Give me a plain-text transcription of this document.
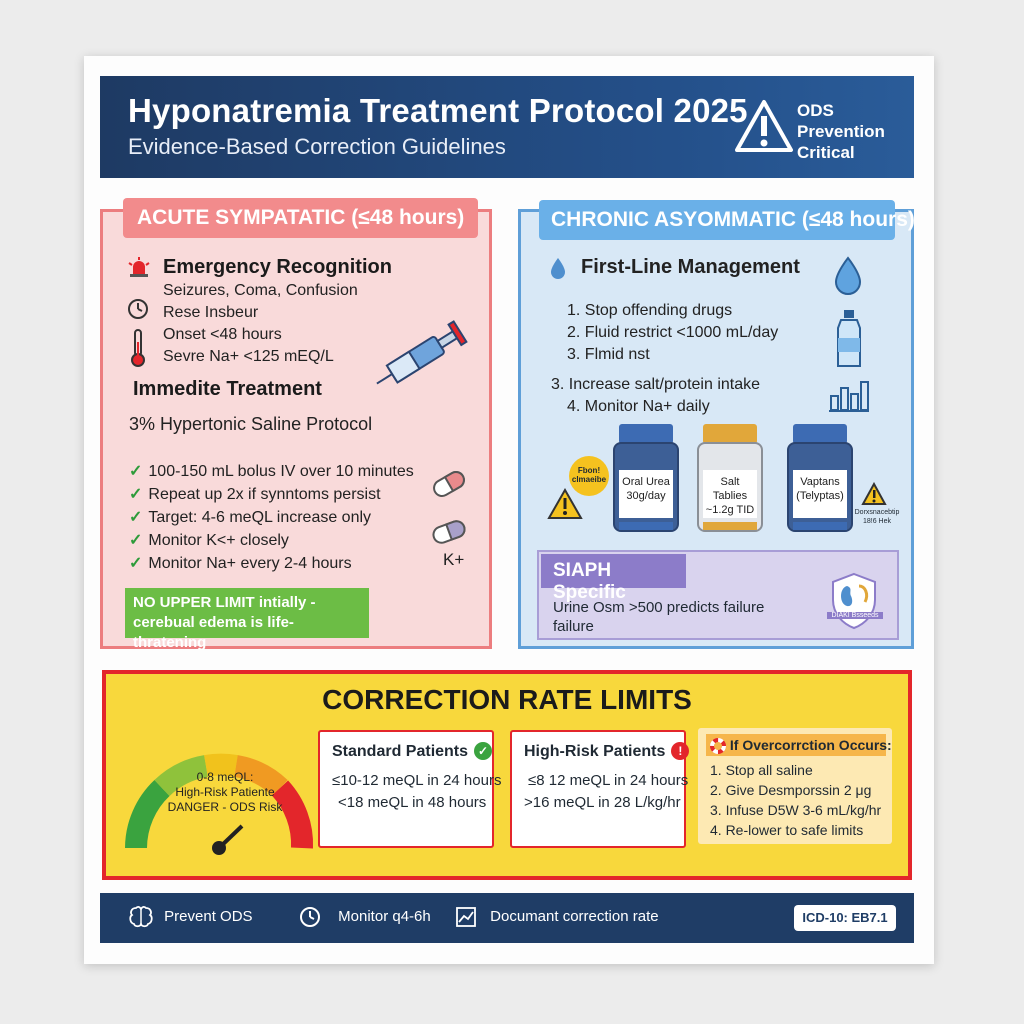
Hyponatremia Treatment Protocol 2025
Evidence-Based Correction Guidelines
ODS
Prevention
Critical
ACUTE SYMPATATIC (≤48 hours)
Emergency Recognition
Seizures, Coma, Confusion
Rese Insbeur
Onset <48 hours
Sevre Na+ <125 mEQ/L
Immedite Treatment
3% Hypertonic Saline Protocol
✓ 100-150 mL bolus IV over 10 minutes
✓ Repeat up 2x if synntoms persist
✓ Target: 4-6 meQL increase only
✓ Monitor K<+ closely
✓ Monitor Na+ every 2-4 hours	K+
NO UPPER LIMIT intially -
cerebual edema is life-thratening
CHRONIC ASYOMMATIC (≤48 hours)
First-Line Management
1. Stop offending drugs
2. Fluid restrict <1000 mL/day
3. Flmid nst
3. Increase salt/protein intake
4. Monitor Na+ daily
Fbon! clmaeibe Oral Urea
30g/day
Salt Tablies
~1.2g TID
Vaptans
(Telyptas)
Dorxsnacebtip 18!6 Hek
SIAPH Specific
Urine Osm >500 predicts failure
failure
DIAKI Bsseeds
CORRECTION RATE LIMITS
0-8 meQL:
High-Risk Patiente
DANGER - ODS Risk
Standard Patients ✓
≤10-12 meQL in 24 hours
<18 meQL in 48 hours
High-Risk Patients !
≤8 12 meQL in 24 hours
>16 meQL in 28 L/kg/hr
If Overcorrction Occurs:
1. Stop all saline
2. Give Desmporssin 2 μg
3. Infuse D5W 3-6 mL/kg/hr
4. Re-lower to safe limits
Prevent ODS	Monitor q4-6h	Documant correction rate	ICD-10: EB7.1
